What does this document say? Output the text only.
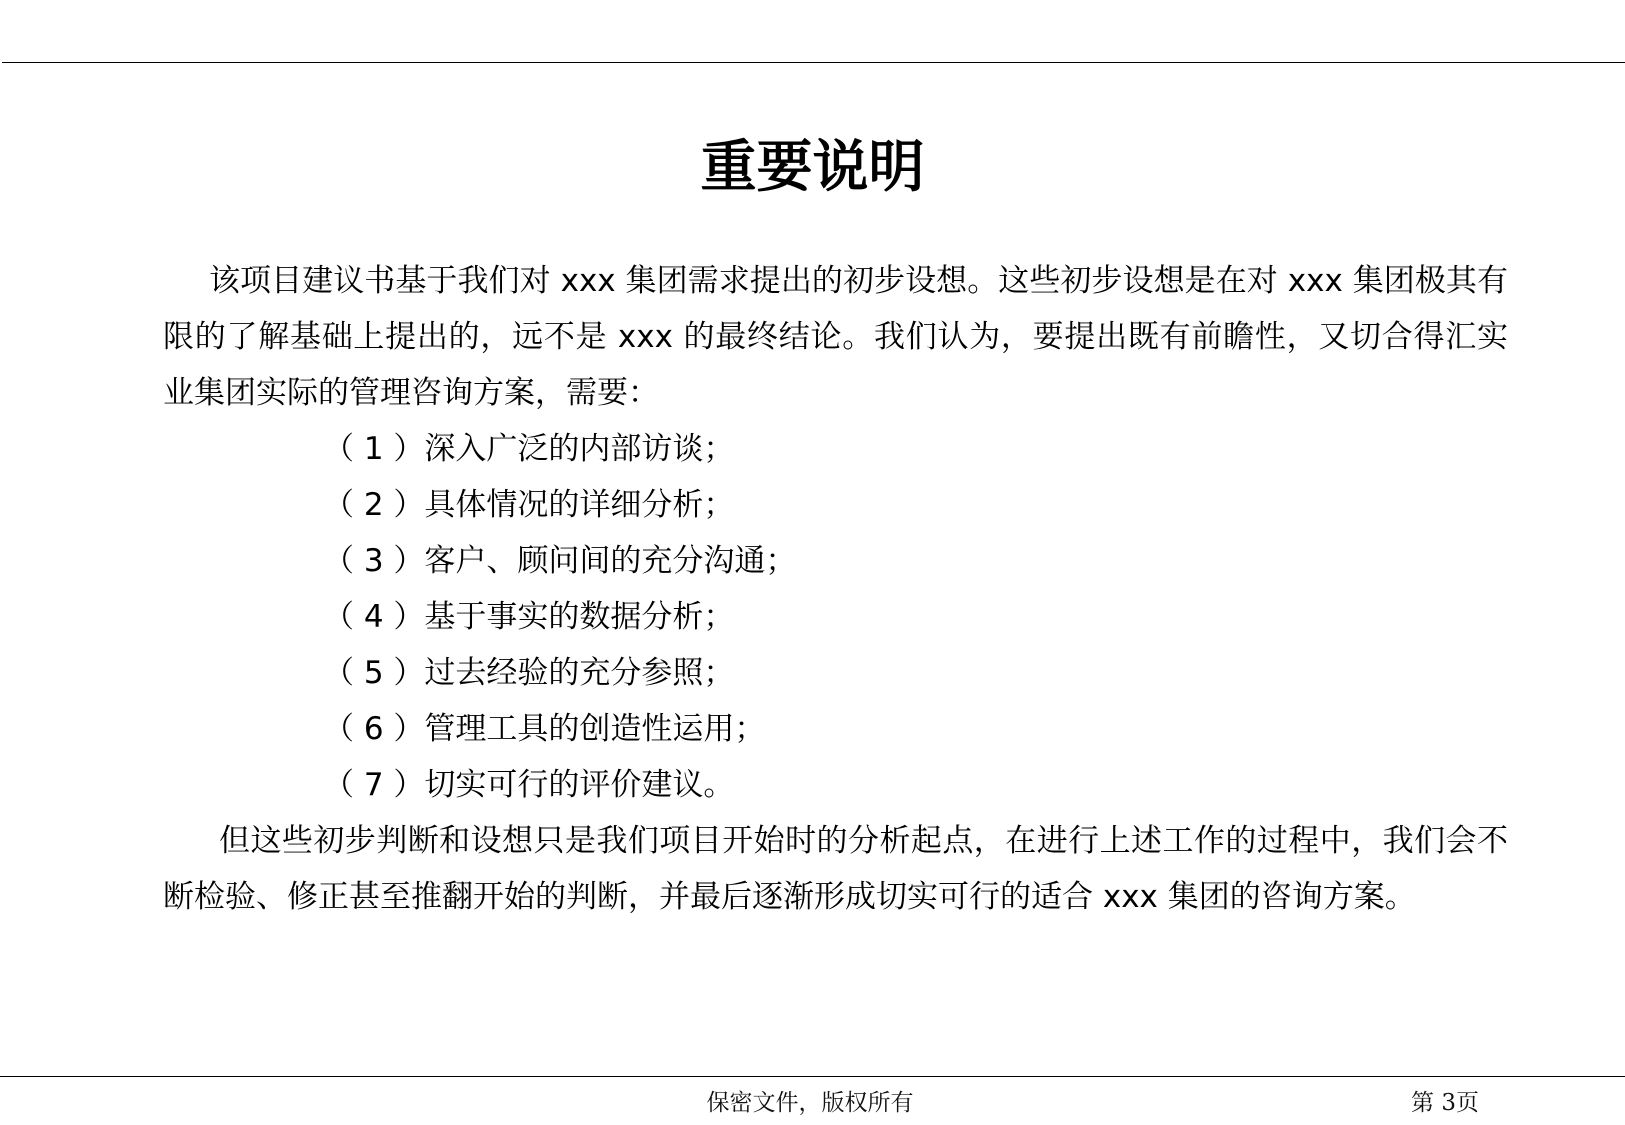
重要说明

该项目建议书基于我们对 xxx 集团需求提出的初步设想。这些初步设想是在对 xxx 集团极其有限的了解基础上提出的，远不是 xxx 的最终结论。我们认为，要提出既有前瞻性，又切合得汇实业集团实际的管理咨询方案，需要：

（ 1 ）深入广泛的内部访谈；
（ 2 ）具体情况的详细分析；
（ 3 ）客户、顾问间的充分沟通；
（ 4 ）基于事实的数据分析；
（ 5 ）过去经验的充分参照；
（ 6 ）管理工具的创造性运用；
（ 7 ）切实可行的评价建议。

但这些初步判断和设想只是我们项目开始时的分析起点，在进行上述工作的过程中，我们会不断检验、修正甚至推翻开始的判断，并最后逐渐形成切实可行的适合 xxx 集团的咨询方案。

保密文件，版权所有	第 3页
